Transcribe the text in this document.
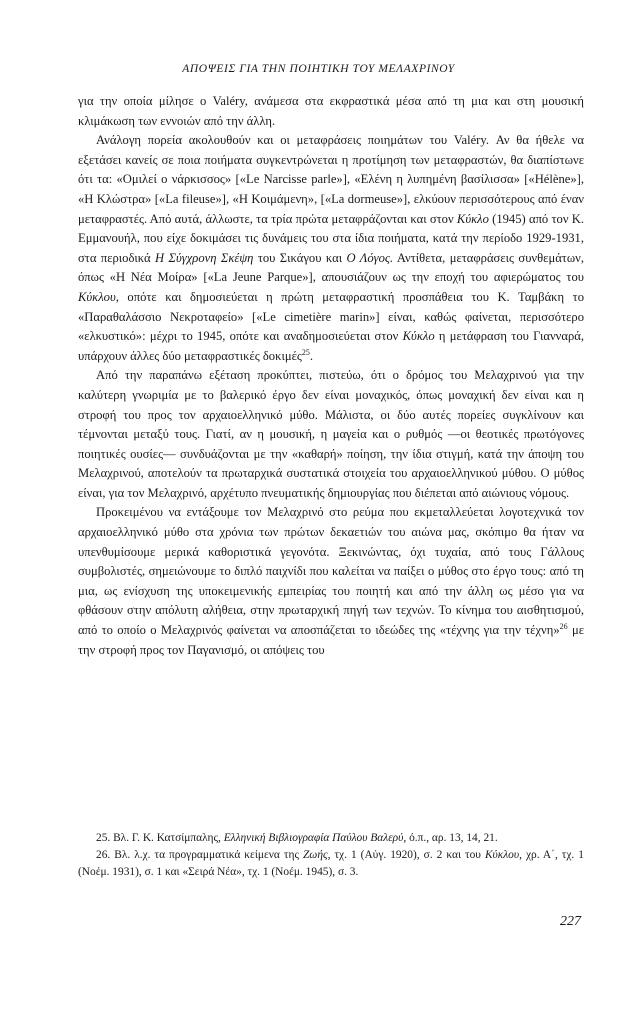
ΑΠΟΨΕΙΣ ΓΙΑ ΤΗΝ ΠΟΙΗΤΙΚΗ ΤΟΥ ΜΕΛΑΧΡΙΝΟΥ

για την οποία μίλησε ο Valéry, ανάμεσα στα εκφραστικά μέσα από τη μια και στη μουσική κλιμάκωση των εννοιών από την άλλη.

Ανάλογη πορεία ακολουθούν και οι μεταφράσεις ποιημάτων του Valéry. Αν θα ήθελε να εξετάσει κανείς σε ποια ποιήματα συγκεντρώνεται η προτίμηση των μεταφραστών, θα διαπίστωνε ότι τα: «Ομιλεί ο νάρκισσος» [«Le Narcisse parle»], «Ελένη η λυπημένη βασίλισσα» [«Hélène»], «Η Κλώστρα» [«La fileuse»], «Η Κοιμάμενη», [«La dormeuse»], ελκύουν περισσότερους από έναν μεταφραστές. Από αυτά, άλλωστε, τα τρία πρώτα μεταφράζονται και στον Κύκλο (1945) από τον Κ. Εμμανουήλ, που είχε δοκιμάσει τις δυνάμεις του στα ίδια ποιήματα, κατά την περίοδο 1929-1931, στα περιοδικά Η Σύγχρονη Σκέψη του Σικάγου και Ο Λόγος. Αντίθετα, μεταφράσεις συνθεμάτων, όπως «Η Νέα Μοίρα» [«La Jeune Parque»], απουσιάζουν ως την εποχή του αφιερώματος του Κύκλου, οπότε και δημοσιεύεται η πρώτη μεταφραστική προσπάθεια του Κ. Ταμβάκη το «Παραθαλάσσιο Νεκροταφείο» [«Le cimetière marin»] είναι, καθώς φαίνεται, περισσότερο «ελκυστικό»: μέχρι το 1945, οπότε και αναδημοσιεύεται στον Κύκλο η μετάφραση του Γιανναρά, υπάρχουν άλλες δύο μεταφραστικές δοκιμές$^{25}$.

Από την παραπάνω εξέταση προκύπτει, πιστεύω, ότι ο δρόμος του Μελαχρινού για την καλύτερη γνωριμία με το βαλερικό έργο δεν είναι μοναχικός, όπως μοναχική δεν είναι και η στροφή του προς τον αρχαιοελληνικό μύθο. Μάλιστα, οι δύο αυτές πορείες συγκλίνουν και τέμνονται μεταξύ τους. Γιατί, αν η μουσική, η μαγεία και ο ρυθμός —οι θεοτικές πρωτόγονες ποιητικές ουσίες— συνδυάζονται με την «καθαρή» ποίηση, την ίδια στιγμή, κατά την άποψη του Μελαχρινού, αποτελούν τα πρωταρχικά συστατικά στοιχεία του αρχαιοελληνικού μύθου. Ο μύθος είναι, για τον Μελαχρινό, αρχέτυπο πνευματικής δημιουργίας που διέπεται από αιώνιους νόμους.

Προκειμένου να εντάξουμε τον Μελαχρινό στο ρεύμα που εκμεταλλεύεται λογοτεχνικά τον αρχαιοελληνικό μύθο στα χρόνια των πρώτων δεκαετιών του αιώνα μας, σκόπιμο θα ήταν να υπενθυμίσουμε μερικά καθοριστικά γεγονότα. Ξεκινώντας, όχι τυχαία, από τους Γάλλους συμβολιστές, σημειώνουμε το διπλό παιχνίδι που καλείται να παίξει ο μύθος στο έργο τους: από τη μια, ως ενίσχυση της υποκειμενικής εμπειρίας του ποιητή και από την άλλη ως μέσο για να φθάσουν στην απόλυτη αλήθεια, στην πρωταρχική πηγή των τεχνών. Το κίνημα του αισθητισμού, από το οποίο ο Μελαχρινός φαίνεται να αποσπάζεται το ιδεώδες της «τέχνης για την τέχνη»$^{26}$ με την στροφή προς τον Παγανισμό, οι απόψεις του

25. Βλ. Γ. Κ. Κατσίμπαλης, Ελληνική Βιβλιογραφία Παύλου Βαλερύ, ό.π., αρ. 13, 14, 21.

26. Βλ. λ.χ. τα προγραμματικά κείμενα της Ζωής, τχ. 1 (Αύγ. 1920), σ. 2 και του Κύκλου, χρ. Α΄, τχ. 1 (Νοέμ. 1931), σ. 1 και «Σειρά Νέα», τχ. 1 (Νοέμ. 1945), σ. 3.

227
